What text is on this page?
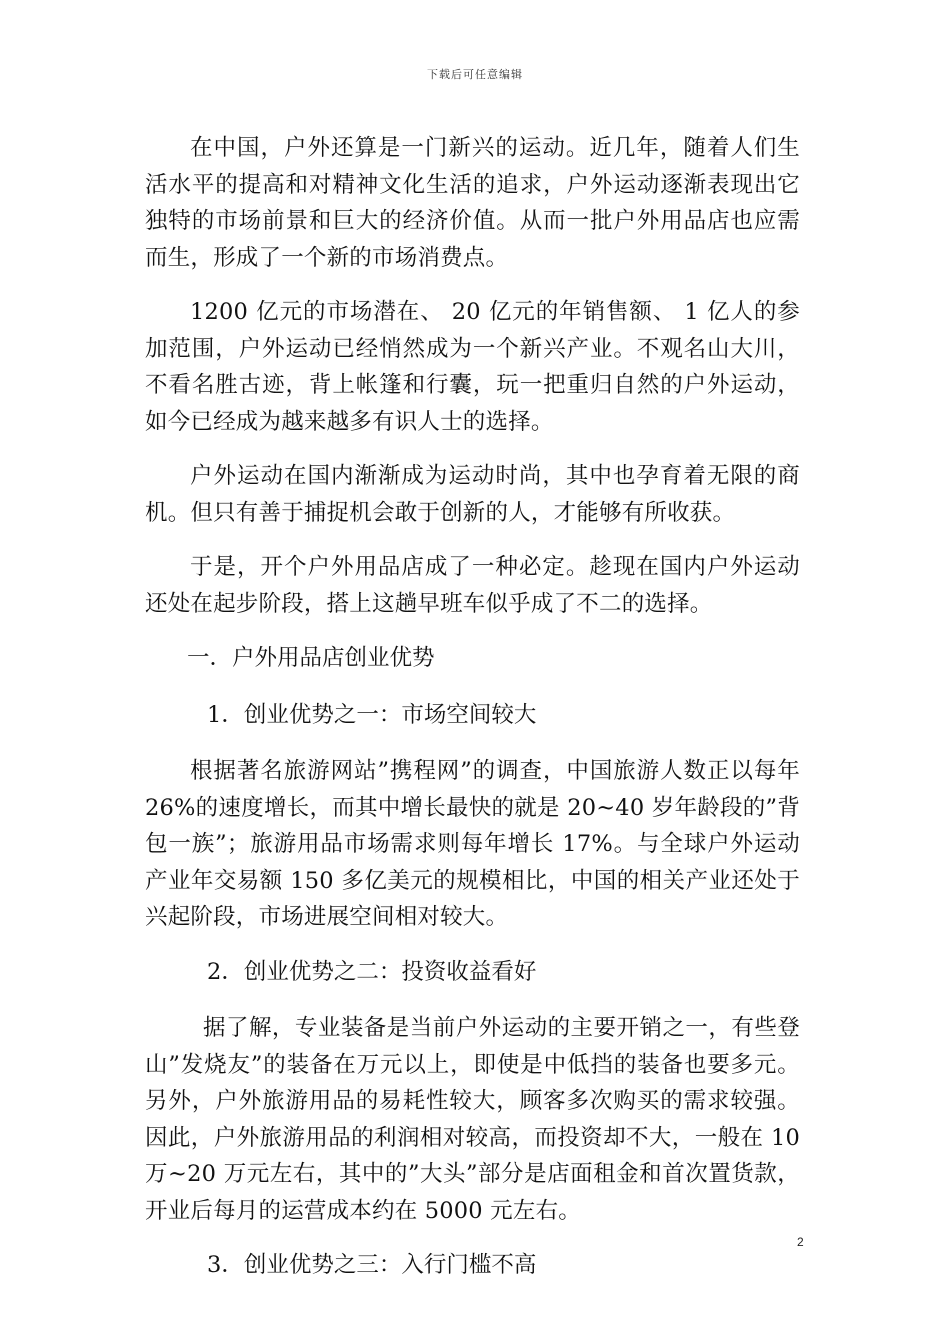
下载后可任意编辑

在中国，户外还算是一门新兴的运动。近几年，随着人们生活水平的提高和对精神文化生活的追求，户外运动逐渐表现出它独特的市场前景和巨大的经济价值。从而一批户外用品店也应需而生，形成了一个新的市场消费点。

1200 亿元的市场潜在、 20 亿元的年销售额、 1 亿人的参加范围，户外运动已经悄然成为一个新兴产业。不观名山大川，不看名胜古迹，背上帐篷和行囊，玩一把重归自然的户外运动，如今已经成为越来越多有识人士的选择。

户外运动在国内渐渐成为运动时尚，其中也孕育着无限的商机。但只有善于捕捉机会敢于创新的人，才能够有所收获。

于是，开个户外用品店成了一种必定。趁现在国内户外运动还处在起步阶段，搭上这趟早班车似乎成了不二的选择。

一．户外用品店创业优势
1．创业优势之一：市场空间较大

根据著名旅游网站”携程网”的调查，中国旅游人数正以每年 26%的速度增长，而其中增长最快的就是 20~40 岁年龄段的”背包一族”；旅游用品市场需求则每年增长 17%。与全球户外运动产业年交易额 150 多亿美元的规模相比，中国的相关产业还处于兴起阶段，市场进展空间相对较大。

2．创业优势之二：投资收益看好

据了解，专业装备是当前户外运动的主要开销之一，有些登山”发烧友”的装备在万元以上，即使是中低挡的装备也要多元。另外，户外旅游用品的易耗性较大，顾客多次购买的需求较强。因此，户外旅游用品的利润相对较高，而投资却不大，一般在 10 万~20 万元左右，其中的”大头”部分是店面租金和首次置货款，开业后每月的运营成本约在 5000 元左右。

3．创业优势之三：入行门槛不高
2
